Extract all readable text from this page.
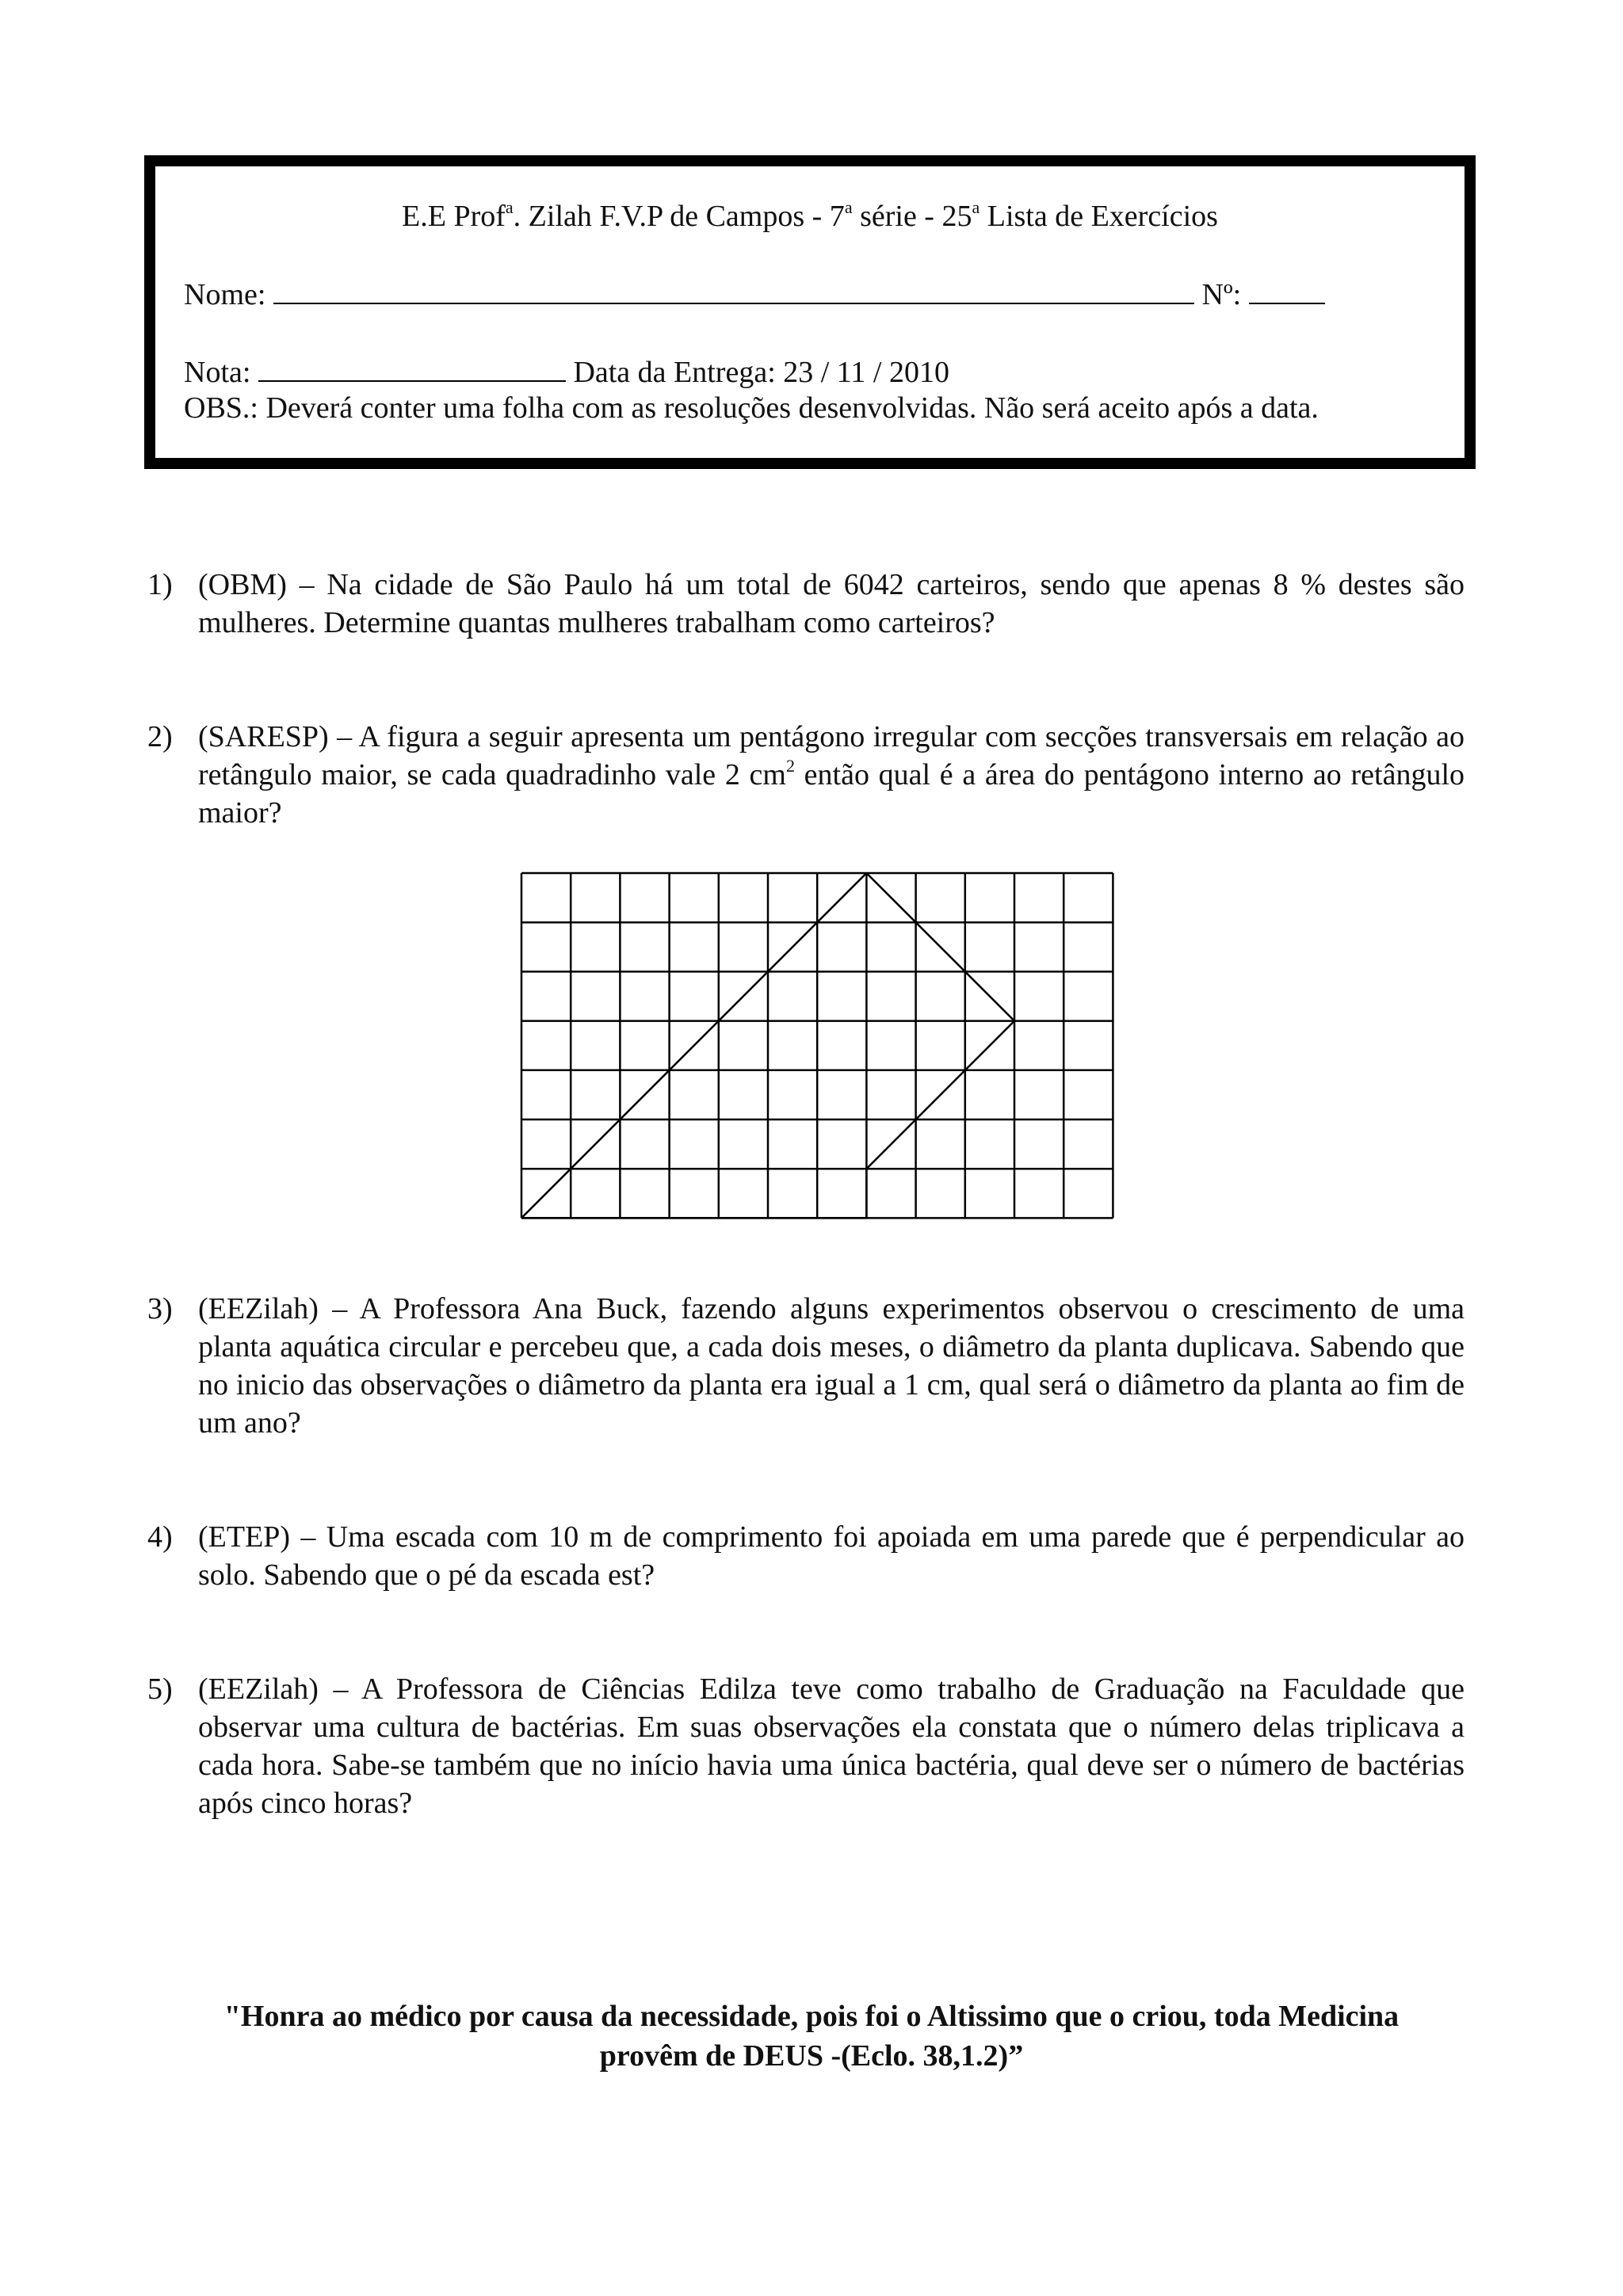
E.E Prof$^a$. Zilah F.V.P de Campos - 7$^a$ série - 25$^a$ Lista de Exercícios
Nome:	Nº:
Nota:	Data da Entrega: 23 / 11 / 2010
OBS.: Deverá conter uma folha com as resoluções desenvolvidas. Não será aceito após a data.
1) (OBM) – Na cidade de São Paulo há um total de 6042 carteiros, sendo que apenas 8 % destes são mulheres. Determine quantas mulheres trabalham como carteiros?
2) (SARESP) – A figura a seguir apresenta um pentágono irregular com secções transversais em relação ao retângulo maior, se cada quadradinho vale 2 $cm^2$ então qual é a área do pentágono interno ao retângulo maior?
3) (EEZilah) – A Professora Ana Buck, fazendo alguns experimentos observou o crescimento de uma planta aquática circular e percebeu que, a cada dois meses, o diâmetro da planta duplicava. Sabendo que no inicio das observações o diâmetro da planta era igual a 1 cm, qual será o diâmetro da planta ao fim de um ano?
4) (ETEP) – Uma escada com 10 m de comprimento foi apoiada em uma parede que é perpendicular ao solo. Sabendo que o pé da escada est?
5) (EEZilah) – A Professora de Ciências Edilza teve como trabalho de Graduação na Faculdade que observar uma cultura de bactérias. Em suas observações ela constata que o número delas triplicava a cada hora. Sabe-se também que no início havia uma única bactéria, qual deve ser o número de bactérias após cinco horas?
"Honra ao médico por causa da necessidade, pois foi o Altissimo que o criou, toda Medicina
provêm de DEUS -(Eclo. 38,1.2)”
